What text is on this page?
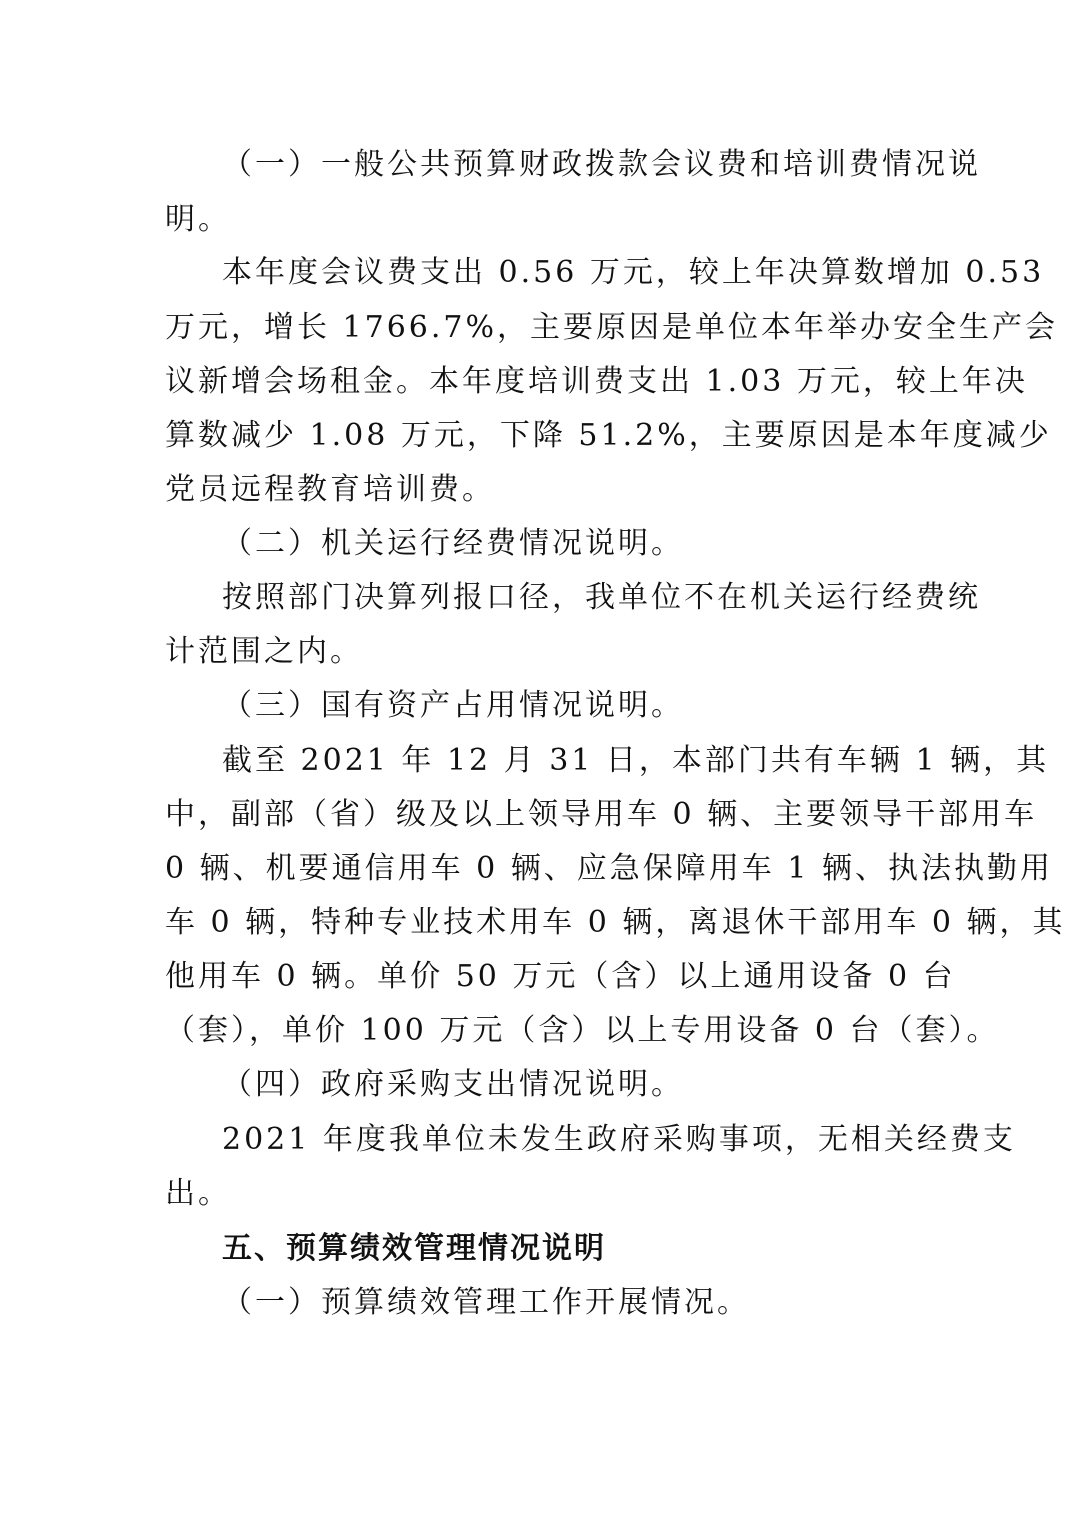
（一）一般公共预算财政拨款会议费和培训费情况说
明。
本年度会议费支出 0.56 万元，较上年决算数增加 0.53
万元，增长 1766.7%，主要原因是单位本年举办安全生产会
议新增会场租金。本年度培训费支出 1.03 万元，较上年决
算数减少 1.08 万元，下降 51.2%，主要原因是本年度减少
党员远程教育培训费。
（二）机关运行经费情况说明。
按照部门决算列报口径，我单位不在机关运行经费统
计范围之内。
（三）国有资产占用情况说明。
截至 2021 年 12 月 31 日，本部门共有车辆 1 辆，其
中，副部（省）级及以上领导用车 0 辆、主要领导干部用车
0 辆、机要通信用车 0 辆、应急保障用车 1 辆、执法执勤用
车 0 辆，特种专业技术用车 0 辆，离退休干部用车 0 辆，其
他用车 0 辆。单价 50 万元（含）以上通用设备 0 台
（套），单价 100 万元（含）以上专用设备 0 台（套）。
（四）政府采购支出情况说明。
2021 年度我单位未发生政府采购事项，无相关经费支
出。
五、预算绩效管理情况说明
（一）预算绩效管理工作开展情况。
